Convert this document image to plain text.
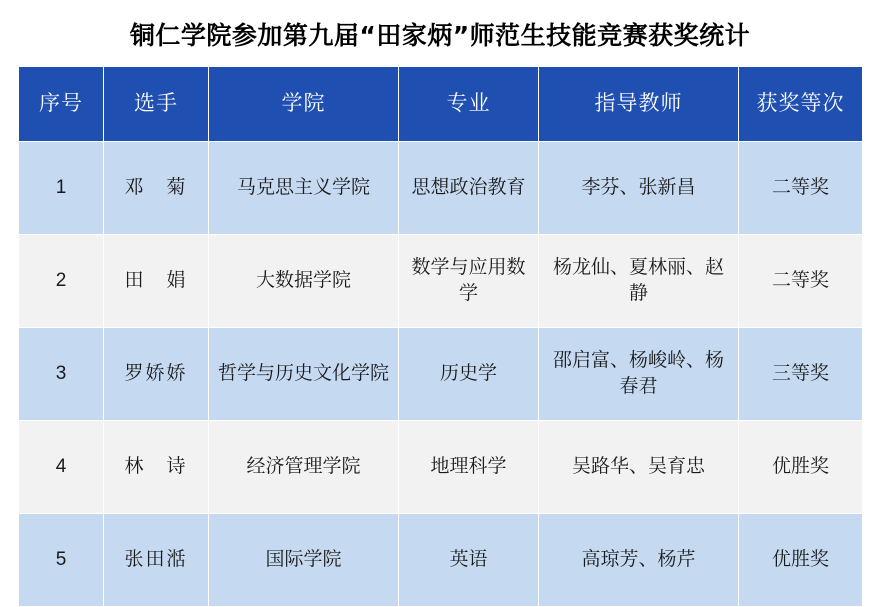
铜仁学院参加第九届“田家炳”师范生技能竞赛获奖统计
序号	选手	学院	专业	指导教师	获奖等次
1	邓　菊	马克思主义学院	思想政治教育	李芬、张新昌	二等奖
2	田　娟	大数据学院	数学与应用数学	杨龙仙、夏林丽、赵静	二等奖
3	罗娇娇	哲学与历史文化学院	历史学	邵启富、杨峻岭、杨春君	三等奖
4	林　诗	经济管理学院	地理科学	吴路华、吴育忠	优胜奖
5	张田湉	国际学院	英语	高琼芳、杨芹	优胜奖
